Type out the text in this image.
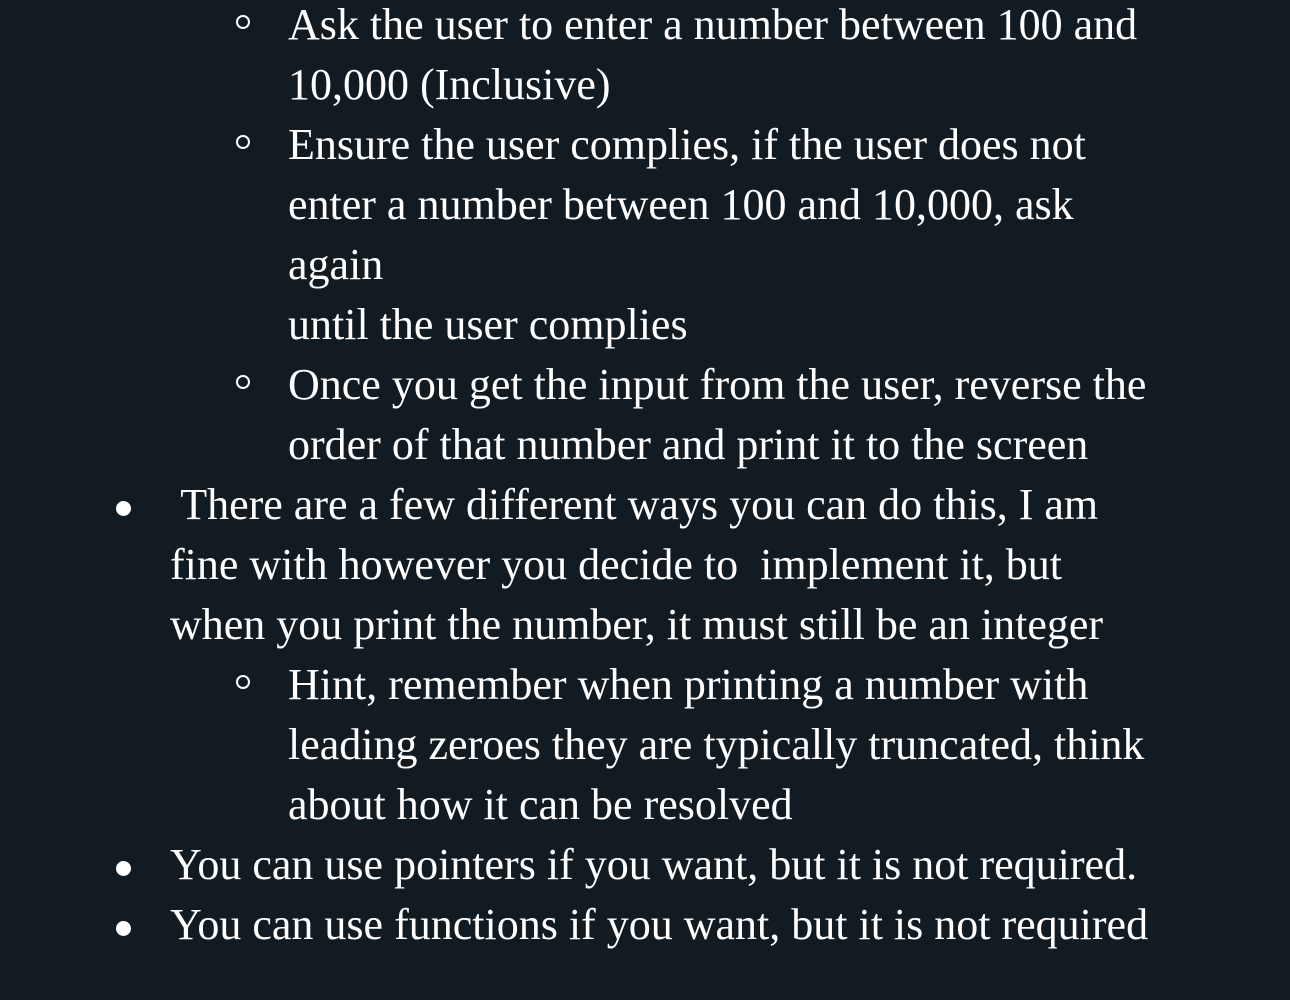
Ask the user to enter a number between 100 and
10,000 (Inclusive)
Ensure the user complies, if the user does not
enter a number between 100 and 10,000, ask
again
until the user complies
Once you get the input from the user, reverse the
order of that number and print it to the screen
There are a few different ways you can do this, I am
fine with however you decide to  implement it, but
when you print the number, it must still be an integer
Hint, remember when printing a number with
leading zeroes they are typically truncated, think
about how it can be resolved
You can use pointers if you want, but it is not required.
You can use functions if you want, but it is not required
